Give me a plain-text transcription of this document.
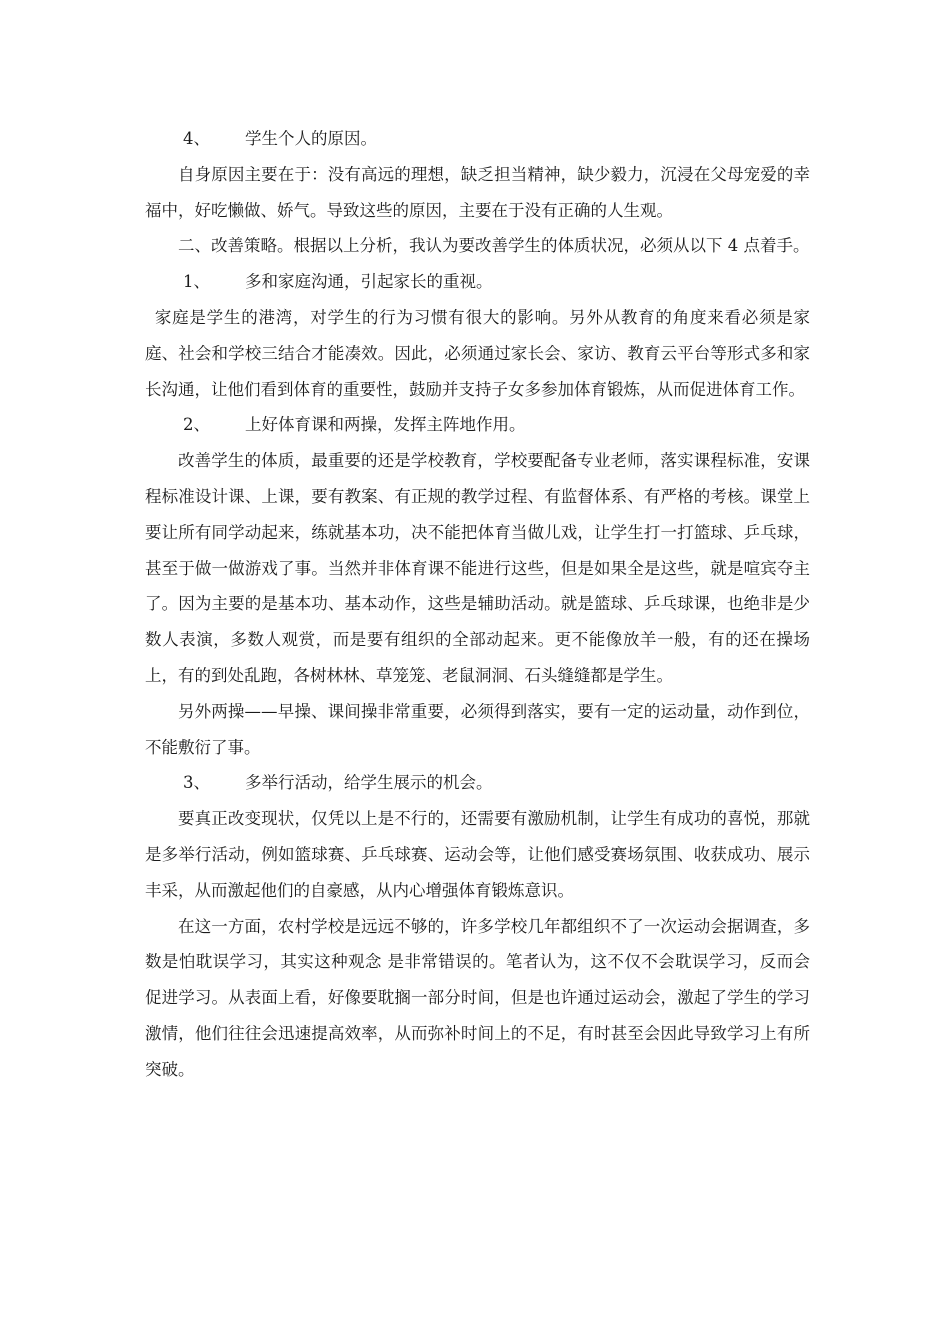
4、 学生个人的原因。

自身原因主要在于：没有高远的理想，缺乏担当精神，缺少毅力，沉浸在父母宠爱的幸福中，好吃懒做、娇气。导致这些的原因，主要在于没有正确的人生观。

二、改善策略。根据以上分析，我认为要改善学生的体质状况，必须从以下 4 点着手。

1、 多和家庭沟通，引起家长的重视。

家庭是学生的港湾，对学生的行为习惯有很大的影响。另外从教育的角度来看必须是家庭、社会和学校三结合才能凑效。因此，必须通过家长会、家访、教育云平台等形式多和家长沟通，让他们看到体育的重要性，鼓励并支持子女多参加体育锻炼，从而促进体育工作。

2、 上好体育课和两操，发挥主阵地作用。

改善学生的体质，最重要的还是学校教育，学校要配备专业老师，落实课程标准，安课程标准设计课、上课，要有教案、有正规的教学过程、有监督体系、有严格的考核。课堂上要让所有同学动起来，练就基本功，决不能把体育当做儿戏，让学生打一打篮球、乒乓球，甚至于做一做游戏了事。当然并非体育课不能进行这些，但是如果全是这些，就是喧宾夺主了。因为主要的是基本功、基本动作，这些是辅助活动。就是篮球、乒乓球课，也绝非是少数人表演，多数人观赏，而是要有组织的全部动起来。更不能像放羊一般，有的还在操场上，有的到处乱跑，各树林林、草笼笼、老鼠洞洞、石头缝缝都是学生。

另外两操——早操、课间操非常重要，必须得到落实，要有一定的运动量，动作到位，不能敷衍了事。

3、 多举行活动，给学生展示的机会。

要真正改变现状，仅凭以上是不行的，还需要有激励机制，让学生有成功的喜悦，那就是多举行活动，例如篮球赛、乒乓球赛、运动会等，让他们感受赛场氛围、收获成功、展示丰采，从而激起他们的自豪感，从内心增强体育锻炼意识。

在这一方面，农村学校是远远不够的，许多学校几年都组织不了一次运动会据调查，多数是怕耽误学习，其实这种观念 是非常错误的。笔者认为，这不仅不会耽误学习，反而会促进学习。从表面上看，好像要耽搁一部分时间，但是也许通过运动会，激起了学生的学习激情，他们往往会迅速提高效率，从而弥补时间上的不足，有时甚至会因此导致学习上有所突破。
